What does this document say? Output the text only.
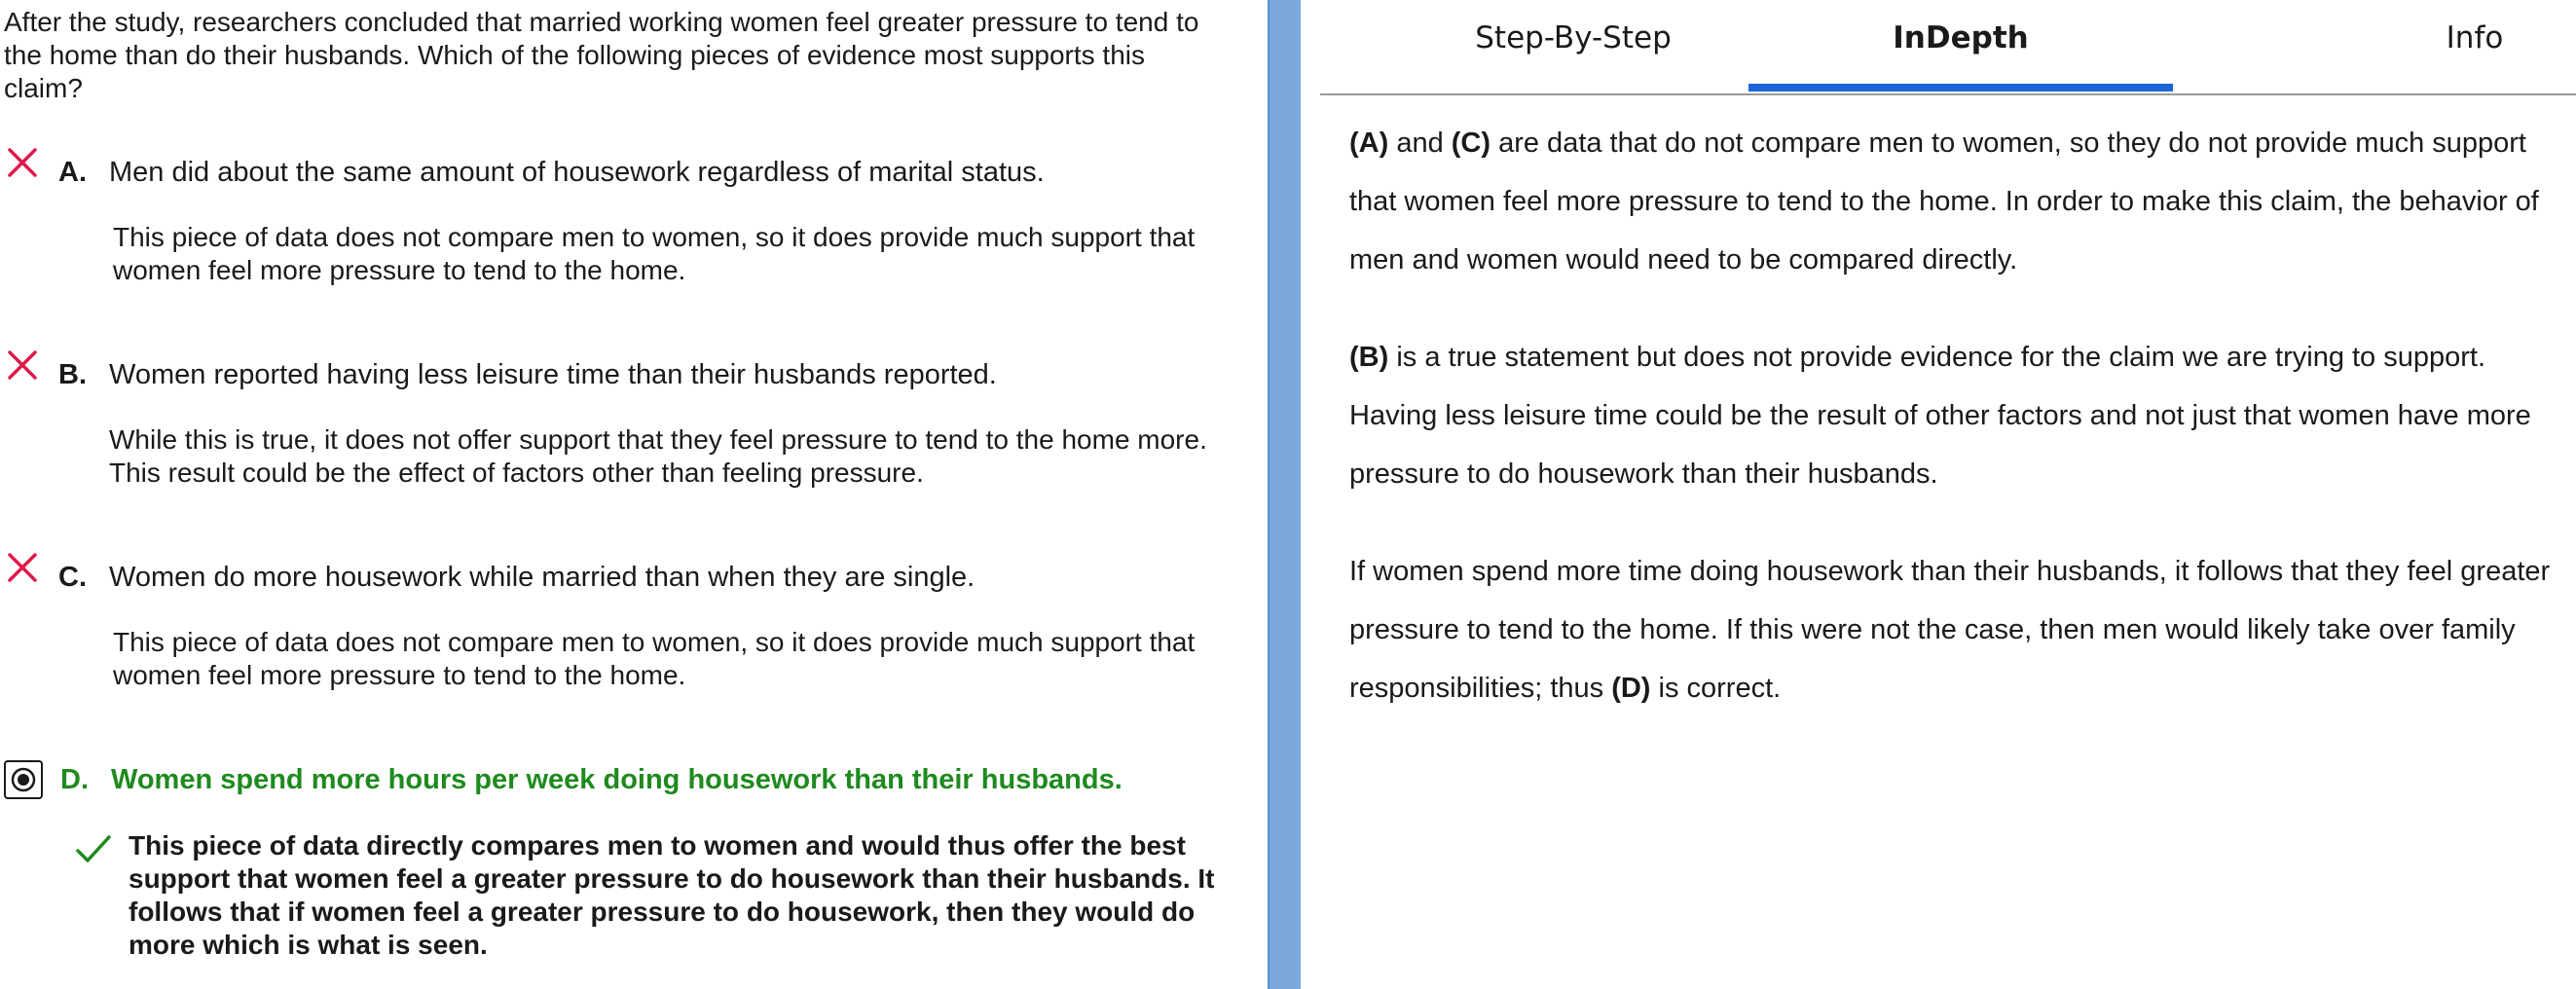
After the study, researchers concluded that married working women feel greater pressure to tend to the home than do their husbands. Which of the following pieces of evidence most supports this claim?
A. Men did about the same amount of housework regardless of marital status.
This piece of data does not compare men to women, so it does provide much support that women feel more pressure to tend to the home.
B. Women reported having less leisure time than their husbands reported.
While this is true, it does not offer support that they feel pressure to tend to the home more. This result could be the effect of factors other than feeling pressure.
C. Women do more housework while married than when they are single.
This piece of data does not compare men to women, so it does provide much support that women feel more pressure to tend to the home.
D. Women spend more hours per week doing housework than their husbands.
This piece of data directly compares men to women and would thus offer the best support that women feel a greater pressure to do housework than their husbands. It follows that if women feel a greater pressure to do housework, then they would do more which is what is seen.
Step-By-Step	InDepth	Info
(A) and (C) are data that do not compare men to women, so they do not provide much support that women feel more pressure to tend to the home. In order to make this claim, the behavior of men and women would need to be compared directly.
(B) is a true statement but does not provide evidence for the claim we are trying to support. Having less leisure time could be the result of other factors and not just that women have more pressure to do housework than their husbands.
If women spend more time doing housework than their husbands, it follows that they feel greater pressure to tend to the home. If this were not the case, then men would likely take over family responsibilities; thus (D) is correct.
